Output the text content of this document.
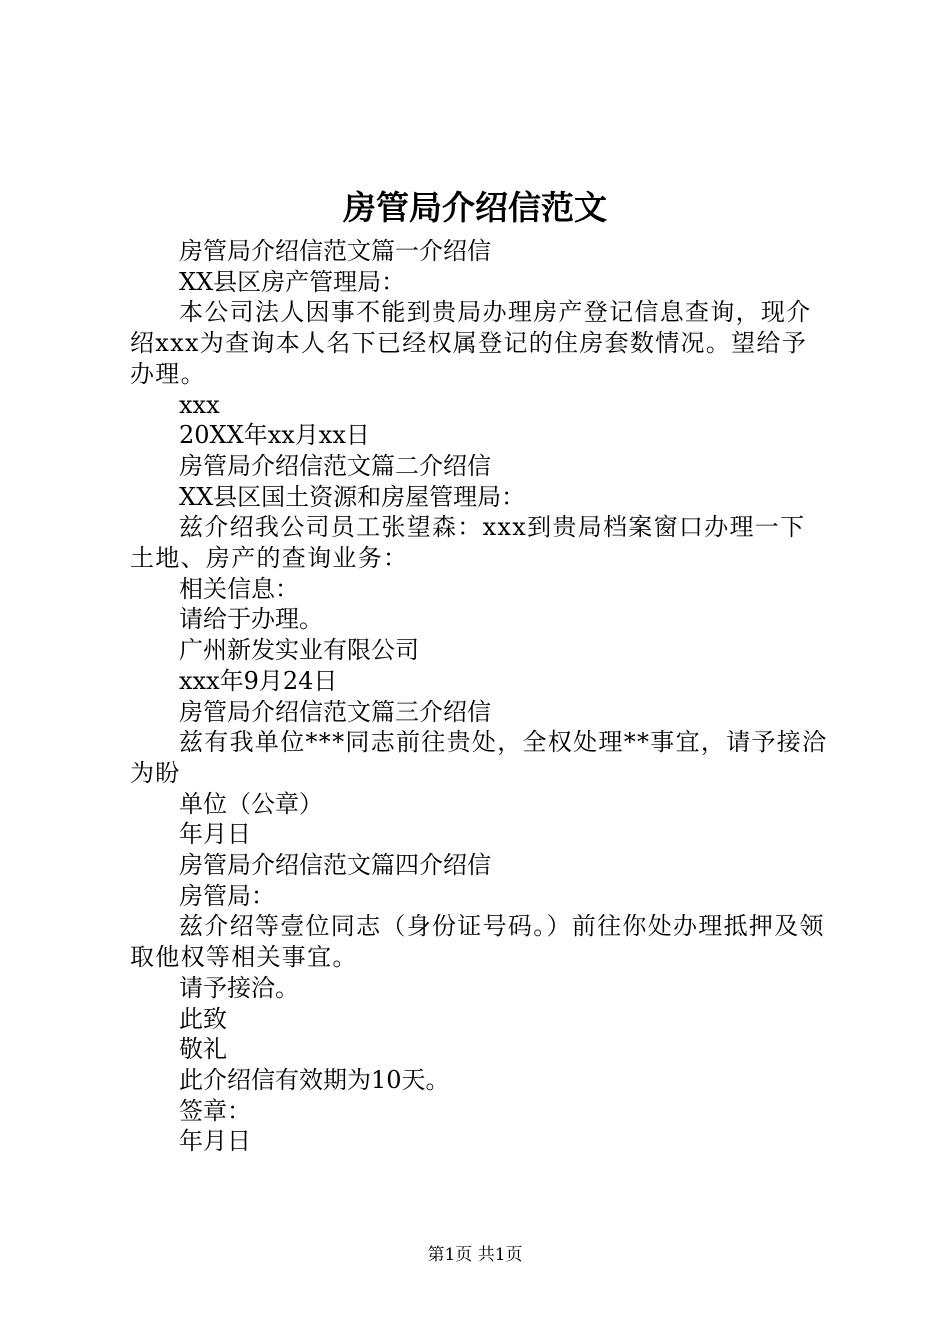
房管局介绍信范文

房管局介绍信范文篇一介绍信

XX县区房产管理局：

本公司法人因事不能到贵局办理房产登记信息查询，现介绍xxx为查询本人名下已经权属登记的住房套数情况。望给予办理。

xxx

20XX年xx月xx日

房管局介绍信范文篇二介绍信

XX县区国土资源和房屋管理局：

兹介绍我公司员工张望森：xxx到贵局档案窗口办理一下土地、房产的查询业务：

相关信息：

请给于办理。

广州新发实业有限公司

xxx年9月24日

房管局介绍信范文篇三介绍信

兹有我单位***同志前往贵处，全权处理**事宜，请予接洽为盼

单位（公章）

年月日

房管局介绍信范文篇四介绍信

房管局：

兹介绍等壹位同志（身份证号码。）前往你处办理抵押及领取他权等相关事宜。

请予接洽。

此致

敬礼

此介绍信有效期为10天。

签章：

年月日

第1页 共1页
